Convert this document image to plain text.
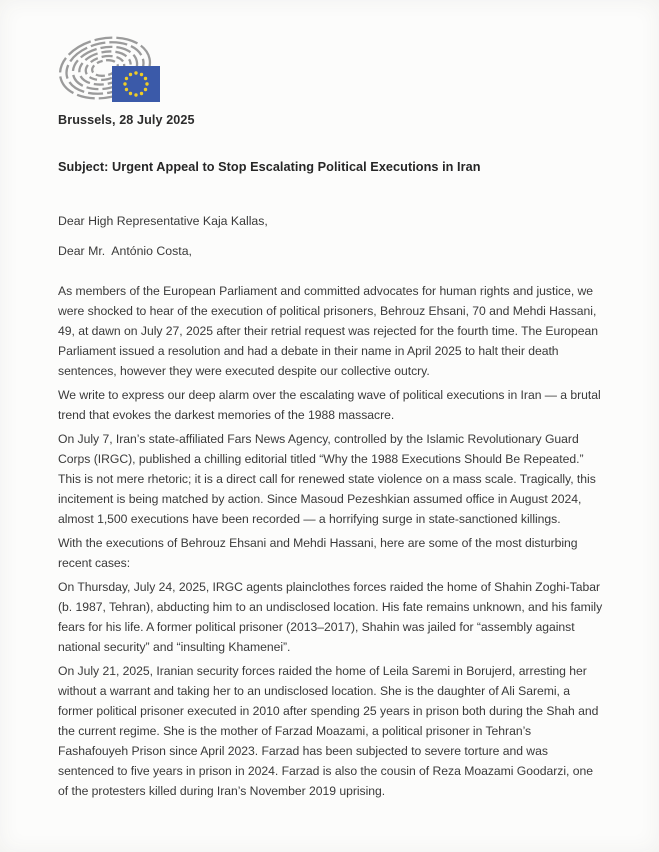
Brussels, 28 July 2025

Subject: Urgent Appeal to Stop Escalating Political Executions in Iran

Dear High Representative Kaja Kallas,

Dear Mr.  António Costa,

As members of the European Parliament and committed advocates for human rights and justice, we were shocked to hear of the execution of political prisoners, Behrouz Ehsani, 70 and Mehdi Hassani, 49, at dawn on July 27, 2025 after their retrial request was rejected for the fourth time. The European Parliament issued a resolution and had a debate in their name in April 2025 to halt their death sentences, however they were executed despite our collective outcry.

We write to express our deep alarm over the escalating wave of political executions in Iran — a brutal trend that evokes the darkest memories of the 1988 massacre.

On July 7, Iran’s state-affiliated Fars News Agency, controlled by the Islamic Revolutionary Guard Corps (IRGC), published a chilling editorial titled “Why the 1988 Executions Should Be Repeated.” This is not mere rhetoric; it is a direct call for renewed state violence on a mass scale. Tragically, this incitement is being matched by action. Since Masoud Pezeshkian assumed office in August 2024, almost 1,500 executions have been recorded — a horrifying surge in state-sanctioned killings.

With the executions of Behrouz Ehsani and Mehdi Hassani, here are some of the most disturbing recent cases:

On Thursday, July 24, 2025, IRGC agents plainclothes forces raided the home of Shahin Zoghi-Tabar (b. 1987, Tehran), abducting him to an undisclosed location. His fate remains unknown, and his family fears for his life. A former political prisoner (2013–2017), Shahin was jailed for “assembly against national security” and “insulting Khamenei”.

On July 21, 2025, Iranian security forces raided the home of Leila Saremi in Borujerd, arresting her without a warrant and taking her to an undisclosed location. She is the daughter of Ali Saremi, a former political prisoner executed in 2010 after spending 25 years in prison both during the Shah and the current regime. She is the mother of Farzad Moazami, a political prisoner in Tehran’s Fashafouyeh Prison since April 2023. Farzad has been subjected to severe torture and was sentenced to five years in prison in 2024. Farzad is also the cousin of Reza Moazami Goodarzi, one of the protesters killed during Iran’s November 2019 uprising.
